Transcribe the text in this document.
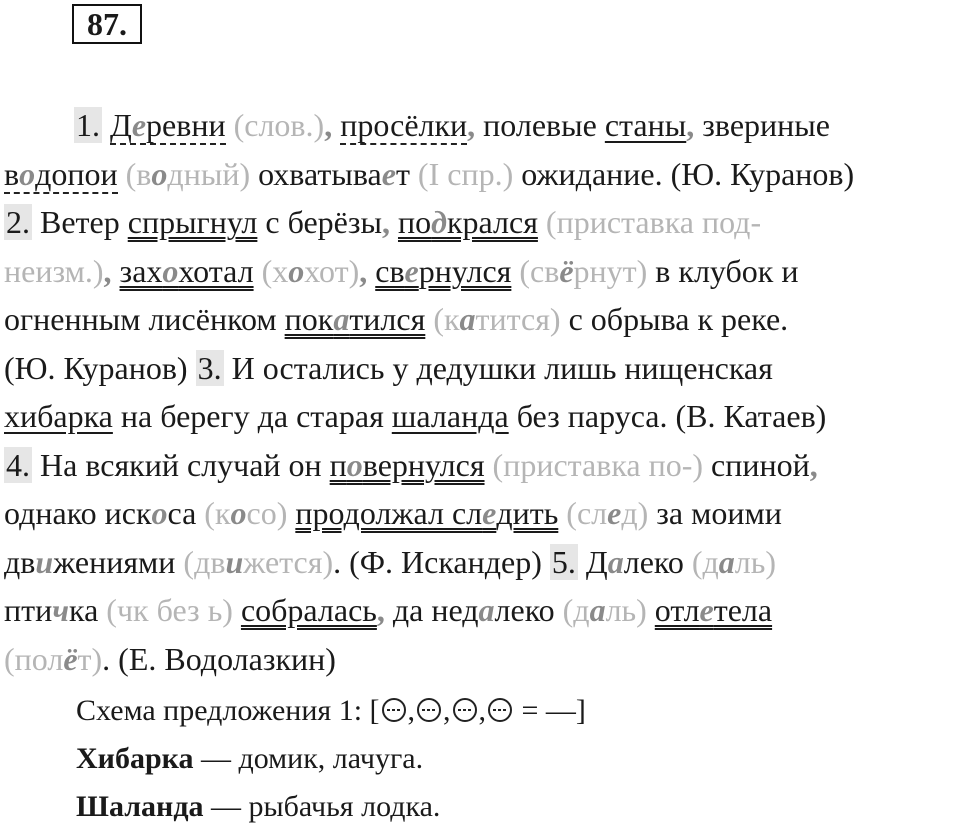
87.
1. Деревни (слов.), просёлки, полевые станы, звериные
водопои (водный) охватывает (I спр.) ожидание. (Ю. Куранов)
2. Ветер спрыгнул с берёзы, подкрался (приставка под-
неизм.), захохотал (хохот), свернулся (свёрнут) в клубок и
огненным лисёнком покатился (катится) с обрыва к реке.
(Ю. Куранов) 3. И остались у дедушки лишь нищенская
хибарка на берегу да старая шаланда без паруса. (В. Катаев)
4. На всякий случай он повернулся (приставка по-) спиной,
однако искоса (косо) продолжал следить (след) за моими
движениями (движется). (Ф. Искандер) 5. Далеко (даль)
птичка (чк без ь) собралась, да недалеко (даль) отлетела
(полёт). (Е. Водолазкин)
Схема предложения 1: [ , , , = —]
Хибарка — домик, лачуга.
Шаланда — рыбачья лодка.
